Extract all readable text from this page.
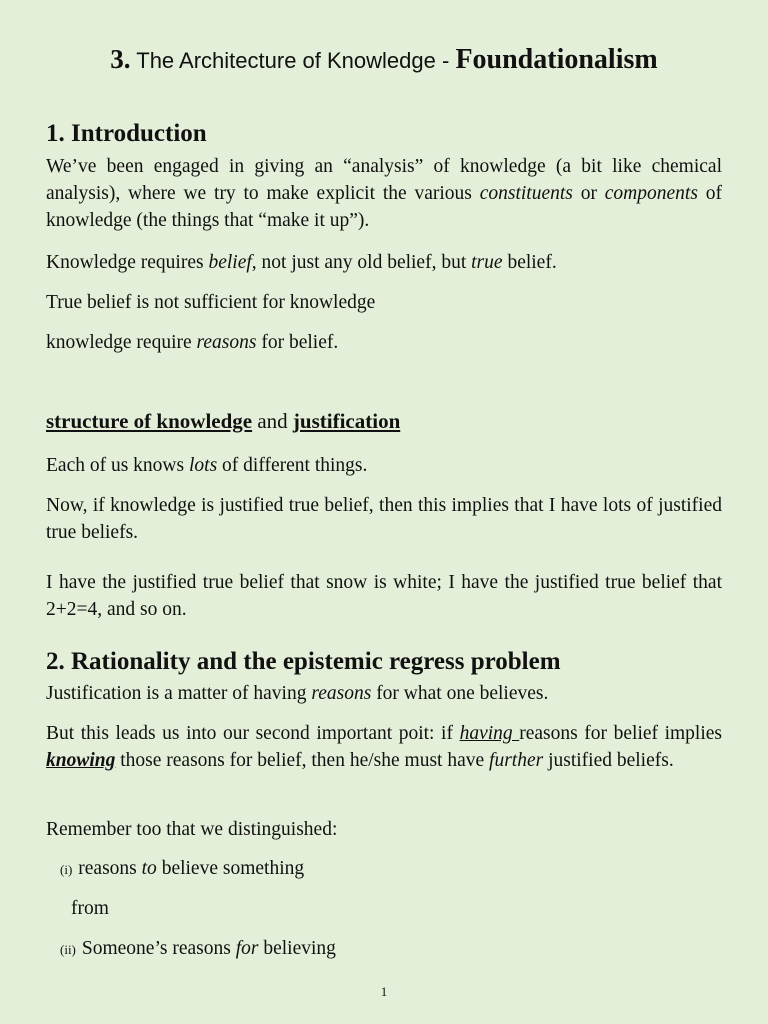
3. The Architecture of Knowledge - Foundationalism
1. Introduction

We’ve been engaged in giving an “analysis” of knowledge (a bit like chemical analysis), where we try to make explicit the various constituents or components of knowledge (the things that “make it up”).

Knowledge requires belief, not just any old belief, but true belief.

True belief is not sufficient for knowledge

knowledge require reasons for belief.

structure of knowledge and justification

Each of us knows lots of different things.

Now, if knowledge is justified true belief, then this implies that I have lots of justified true beliefs.

I have the justified true belief that snow is white; I have the justified true belief that 2+2=4, and so on.

2. Rationality and the epistemic regress problem

Justification is a matter of having reasons for what one believes.

But this leads us into our second important poit: if having reasons for belief implies knowing those reasons for belief, then he/she must have further justified beliefs.

Remember too that we distinguished:

(i) reasons to believe something

from

(ii) Someone’s reasons for believing

1
